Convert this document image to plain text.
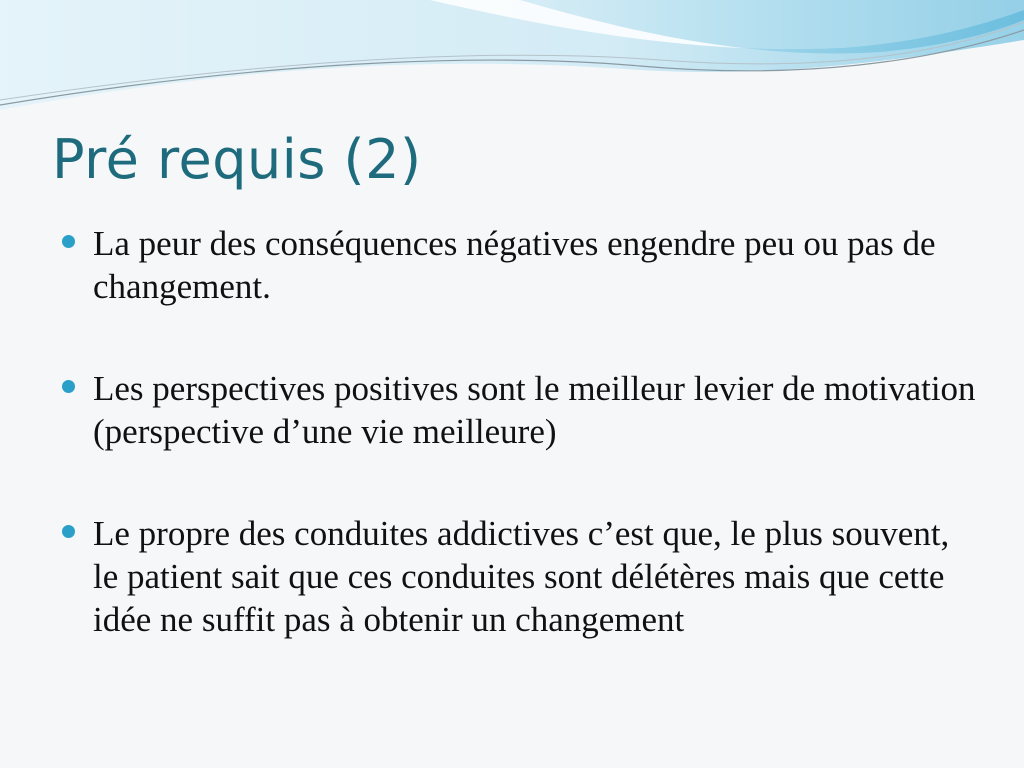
Pré requis (2)
La peur des conséquences négatives engendre peu ou pas de changement.
Les perspectives positives sont le meilleur levier de motivation (perspective d’une vie meilleure)
Le propre des conduites addictives c’est que, le plus souvent, le patient sait que ces conduites sont délétères mais que cette idée ne suffit pas à obtenir un changement
